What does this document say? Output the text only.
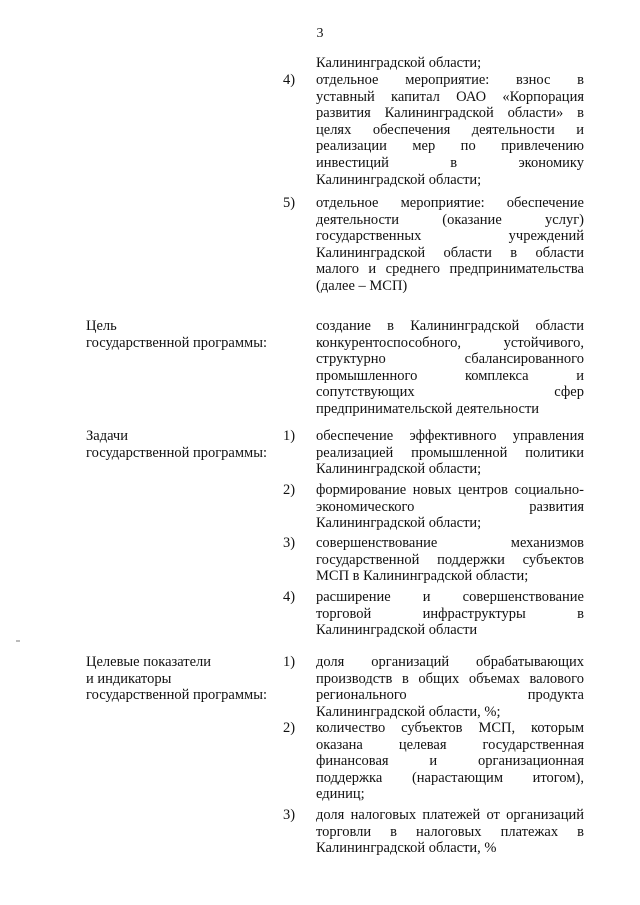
3
Калининградской области;
4)	отдельное мероприятие: взнос в
уставный капитал ОАО «Корпорация
развития Калининградской области» в
целях обеспечения деятельности и
реализации мер по привлечению
инвестиций в экономику
Калининградской области;
5)	отдельное мероприятие: обеспечение
деятельности (оказание услуг)
государственных учреждений
Калининградской области в области
малого и среднего предпринимательства
(далее – МСП)
Цель
государственной программы:
создание в Калининградской области
конкурентоспособного, устойчивого,
структурно сбалансированного
промышленного комплекса и
сопутствующих сфер
предпринимательской деятельности
Задачи
государственной программы:
1)	обеспечение эффективного управления
реализацией промышленной политики
Калининградской области;
2)	формирование новых центров социально-
экономического развития
Калининградской области;
3)	совершенствование механизмов
государственной поддержки субъектов
МСП в Калининградской области;
4)	расширение и совершенствование
торговой инфраструктуры в
Калининградской области
Целевые показатели
и индикаторы
государственной программы:
1)	доля организаций обрабатывающих
производств в общих объемах валового
регионального продукта
Калининградской области, %;
2)	количество субъектов МСП, которым
оказана целевая государственная
финансовая и организационная
поддержка (нарастающим итогом),
единиц;
3)	доля налоговых платежей от организаций
торговли в налоговых платежах в
Калининградской области, %
